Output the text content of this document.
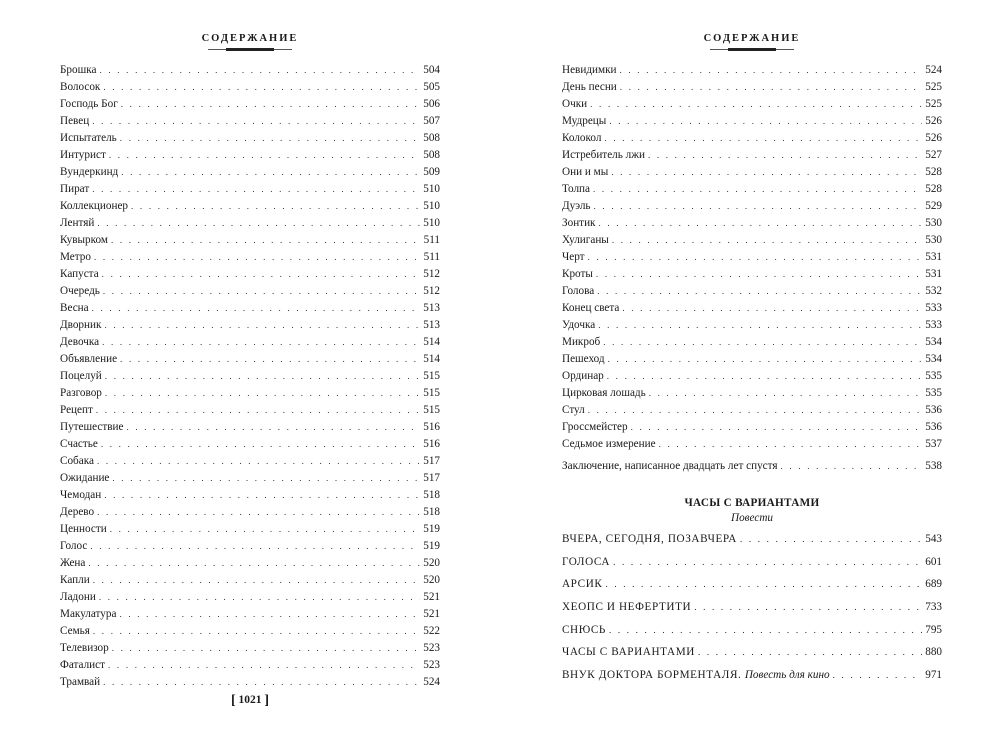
СОДЕРЖАНИЕ
Брошка . . .	504
Волосок . . .	505
Господь Бог . . .	506
Певец . . .	507
Испытатель . . .	508
Интурист . . .	508
Вундеркинд . . .	509
Пират . . .	510
Коллекционер . . .	510
Лентяй . . .	510
Кувырком . . .	511
Метро . . .	511
Капуста . . .	512
Очередь . . .	512
Весна . . .	513
Дворник . . .	513
Девочка . . .	514
Объявление . . .	514
Поцелуй . . .	515
Разговор . . .	515
Рецепт . . .	515
Путешествие . . .	516
Счастье . . .	516
Собака . . .	517
Ожидание . . .	517
Чемодан . . .	518
Дерево . . .	518
Ценности . . .	519
Голос . . .	519
Жена . . .	520
Капли . . .	520
Ладони . . .	521
Макулатура . . .	521
Семья . . .	522
Телевизор . . .	523
Фаталист . . .	523
Трамвай . . .	524
[ 1021 ]
СОДЕРЖАНИЕ
Невидимки . . .	524
День песни . . .	525
Очки . . .	525
Мудрецы . . .	526
Колокол . . .	526
Истребитель лжи . . .	527
Они и мы . . .	528
Толпа . . .	528
Дуэль . . .	529
Зонтик . . .	530
Хулиганы . . .	530
Черт . . .	531
Кроты . . .	531
Голова . . .	532
Конец света . . .	533
Удочка . . .	533
Микроб . . .	534
Пешеход . . .	534
Ординар . . .	535
Цирковая лошадь . . .	535
Стул . . .	536
Гроссмейстер . . .	536
Седьмое измерение . . .	537
Заключение, написанное двадцать лет спустя . . .	538
ЧАСЫ С ВАРИАНТАМИ
Повести
ВЧЕРА, СЕГОДНЯ, ПОЗАВЧЕРА . . .	543
ГОЛОСА . . .	601
АРСИК . . .	689
ХЕОПС И НЕФЕРТИТИ . . .	733
СНЮСЬ . . .	795
ЧАСЫ С ВАРИАНТАМИ . . .	880
ВНУК ДОКТОРА БОРМЕНТАЛЯ. Повесть для кино . . .	971
